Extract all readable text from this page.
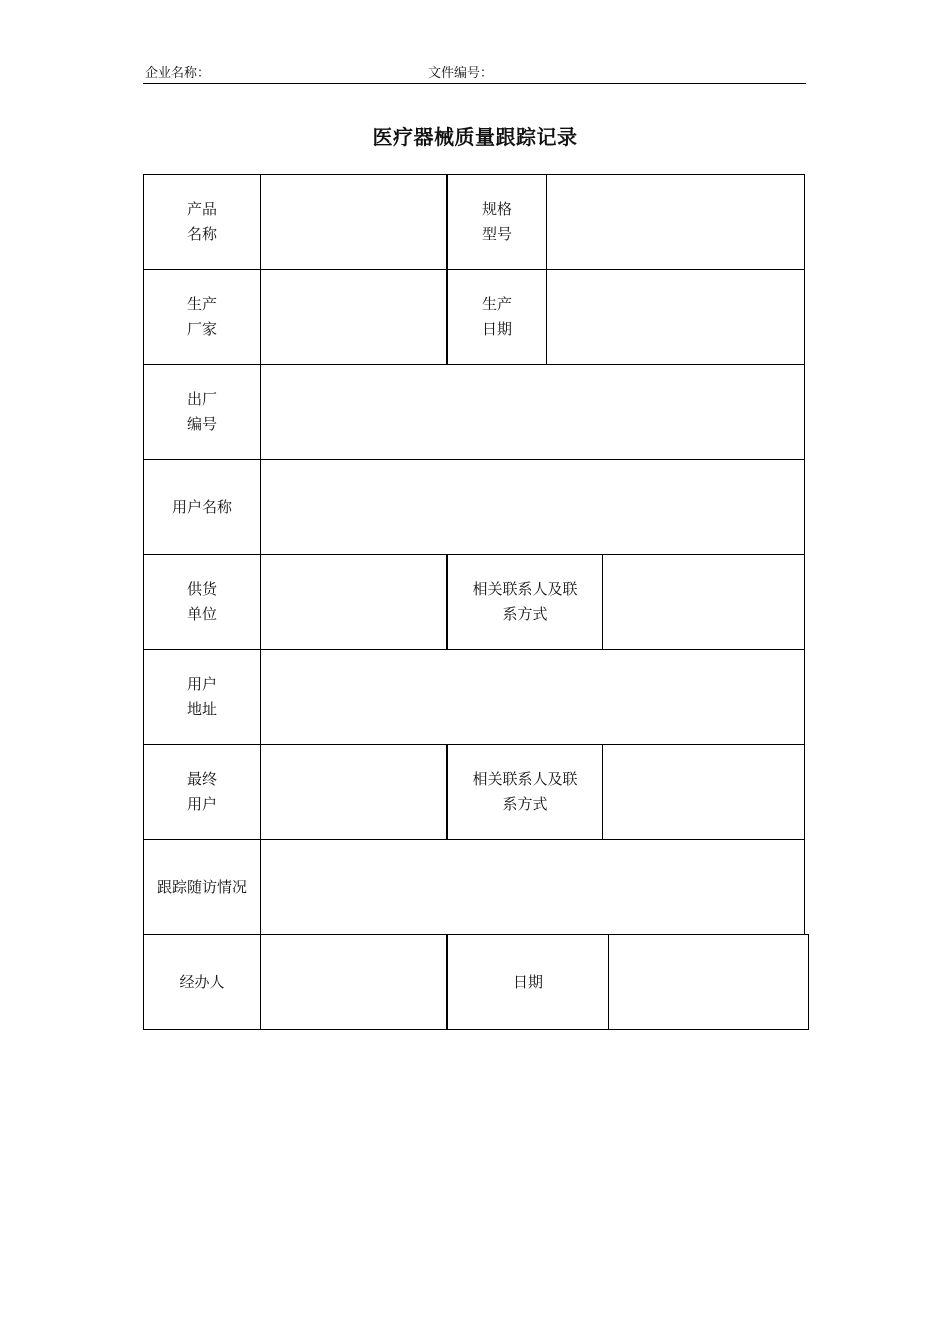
企业名称：	文件编号：
医疗器械质量跟踪记录
产品
名称
规格
型号
生产
厂家
生产
日期
出厂
编号
用户名称
供货
单位
相关联系人及联系方式
用户
地址
最终
用户
相关联系人及联系方式
跟踪随访情况
经办人	日期
